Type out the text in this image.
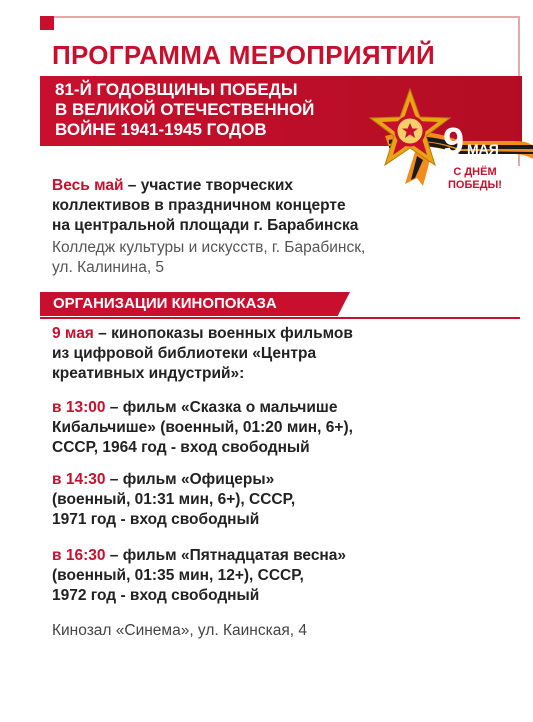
ПРОГРАММА МЕРОПРИЯТИЙ
81-Й ГОДОВЩИНЫ ПОБЕДЫ
В ВЕЛИКОЙ ОТЕЧЕСТВЕННОЙ
ВОЙНЕ 1941-1945 ГОДОВ	9 МАЯ
С ДНЁМ
ПОБЕДЫ!
Весь май – участие творческих
коллективов в праздничном концерте
на центральной площади г. Барабинска
Колледж культуры и искусств, г. Барабинск,
ул. Калинина, 5
ОРГАНИЗАЦИИ КИНОПОКАЗА
9 мая – кинопоказы военных фильмов
из цифровой библиотеки «Центра
креативных индустрий»:
в 13:00 – фильм «Сказка о мальчише
Кибальчише» (военный, 01:20 мин, 6+),
СССР, 1964 год - вход свободный
в 14:30 – фильм «Офицеры»
(военный, 01:31 мин, 6+), СССР,
1971 год - вход свободный
в 16:30 – фильм «Пятнадцатая весна»
(военный, 01:35 мин, 12+), СССР,
1972 год - вход свободный
Кинозал «Синема», ул. Каинская, 4
